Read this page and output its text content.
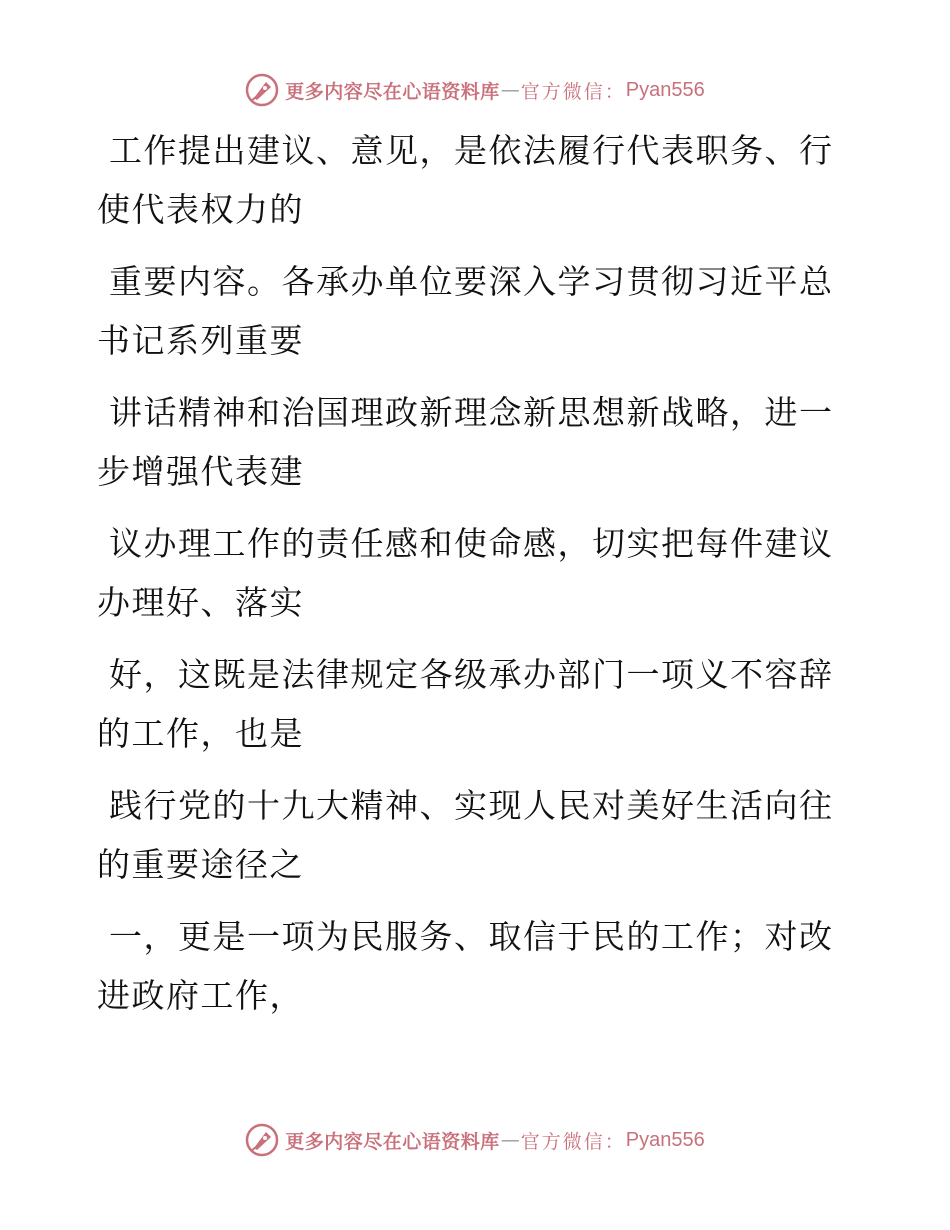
更多内容尽在心语资料库 — 官方微信： Pyan556

工作提出建议、意见，是依法履行代表职务、行
使代表权力的

重要内容。各承办单位要深入学习贯彻习近平总
书记系列重要

讲话精神和治国理政新理念新思想新战略，进一
步增强代表建

议办理工作的责任感和使命感，切实把每件建议
办理好、落实

好，这既是法律规定各级承办部门一项义不容辞
的工作，也是

践行党的十九大精神、实现人民对美好生活向往
的重要途径之

一，更是一项为民服务、取信于民的工作；对改
进政府工作，

更多内容尽在心语资料库 — 官方微信： Pyan556
